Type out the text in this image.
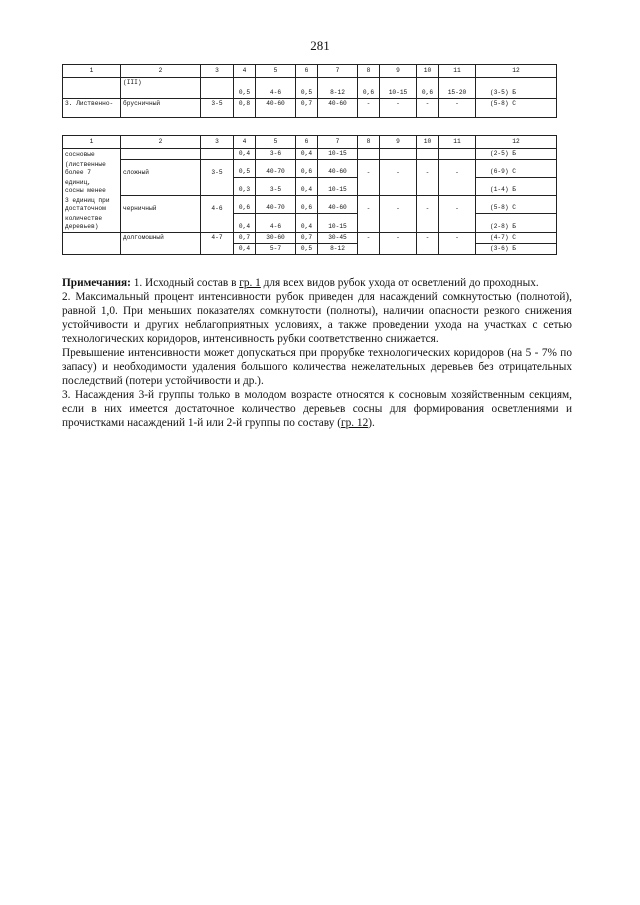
281
1	2	3	4	5	6	7	8	9	10	11	12
	(III)										
			0,5	4-6	0,5	8-12	0,6	10-15	0,6	15-20	(3-5) Б
3. Лиственно-	брусничный	3-5	0,8	40-60	0,7	40-60	-	-	-	-	(5-8) С
1	2	3	4	5	6	7	8	9	10	11	12
сосновые			0,4	3-6	0,4	10-15					(2-5) Б
(лиственные
более 7	сложный	3-5	0,5	40-70	0,6	40-60	-	-	-	-	(6-9) С
единиц,
сосны менее			0,3	3-5	0,4	10-15					(1-4) Б
3 единиц при
достаточном	черничный	4-6	0,6	40-70	0,6	40-60	-	-	-	-	(5-8) С
количестве
деревьев)			0,4	4-6	0,4	10-15					(2-8) Б
	долгомошный	4-7	0,7	30-60	0,7	30-45	-	-	-	-	(4-7) С
			0,4	5-7	0,5	8-12					(3-6) Б

Примечания: 1. Исходный состав в гр. 1 для всех видов рубок ухода от осветлений до проходных.

2. Максимальный процент интенсивности рубок приведен для насаждений сомкнутостью (полнотой), равной 1,0. При меньших показателях сомкнутости (полноты), наличии опасности резкого снижения устойчивости и других неблагоприятных условиях, а также проведении ухода на участках с сетью технологических коридоров, интенсивность рубки соответственно снижается.

Превышение интенсивности может допускаться при прорубке технологических коридоров (на 5 - 7% по запасу) и необходимости удаления большого количества нежелательных деревьев без отрицательных последствий (потери устойчивости и др.).

3. Насаждения 3-й группы только в молодом возрасте относятся к сосновым хозяйственным секциям, если в них имеется достаточное количество деревьев сосны для формирования осветлениями и прочистками насаждений 1-й или 2-й группы по составу (гр. 12).
